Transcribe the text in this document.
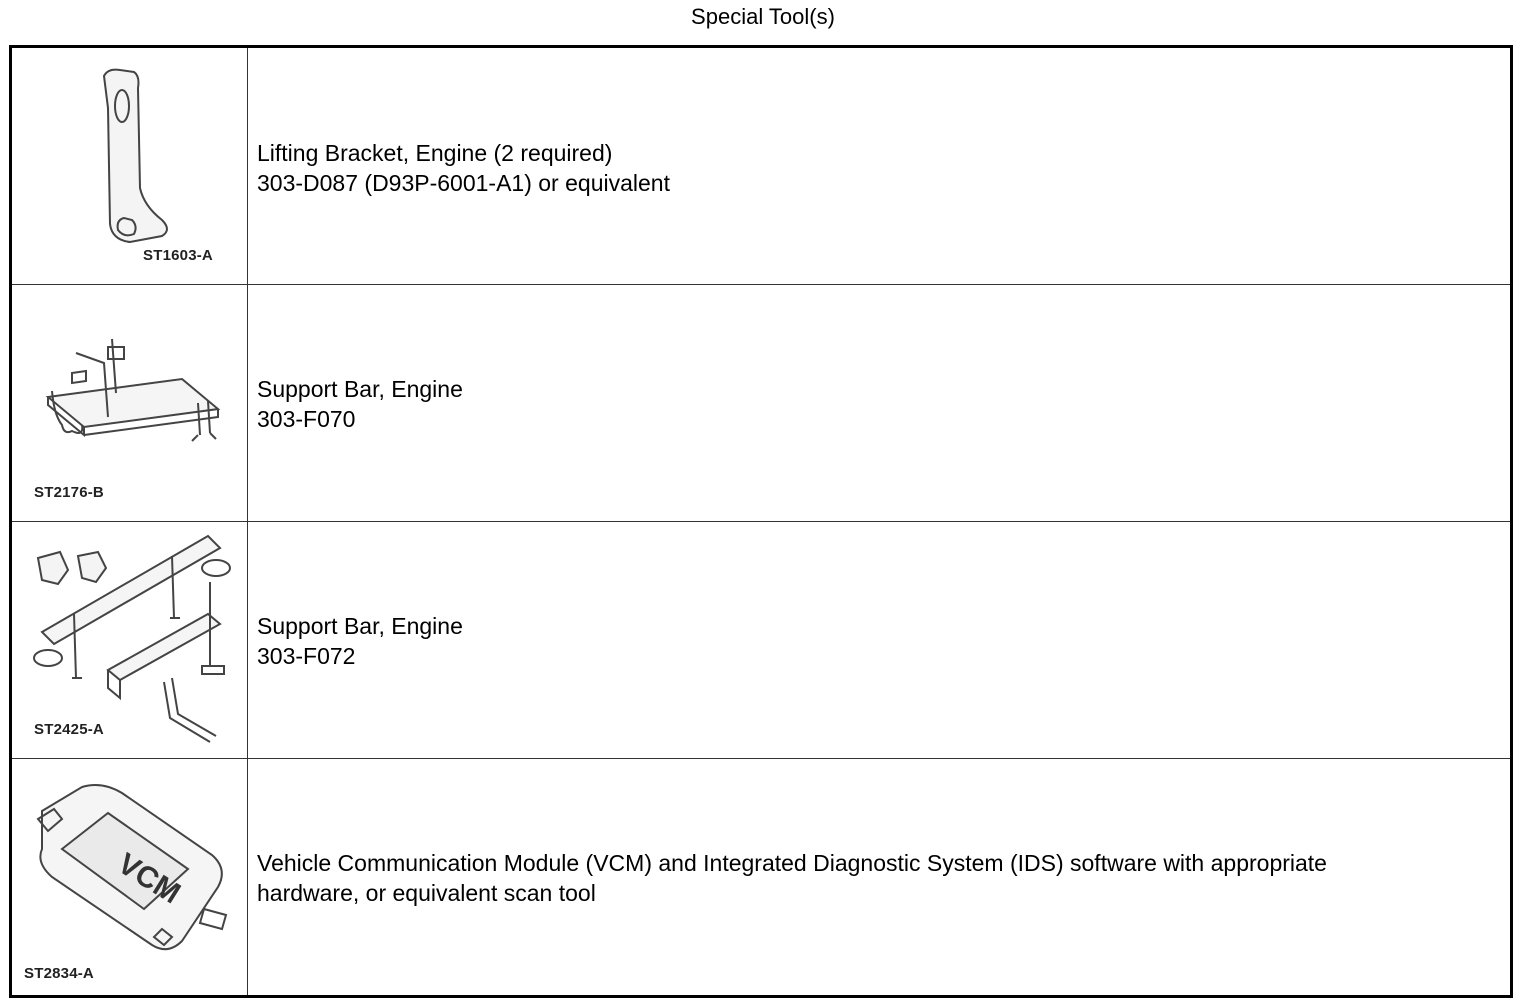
Special Tool(s)
ST1603-A
Lifting Bracket, Engine (2 required)
303-D087 (D93P-6001-A1) or equivalent
ST2176-B
Support Bar, Engine
303-F070
ST2425-A
Support Bar, Engine
303-F072
VCM
ST2834-A
Vehicle Communication Module (VCM) and Integrated Diagnostic System (IDS) software with appropriate
hardware, or equivalent scan tool
